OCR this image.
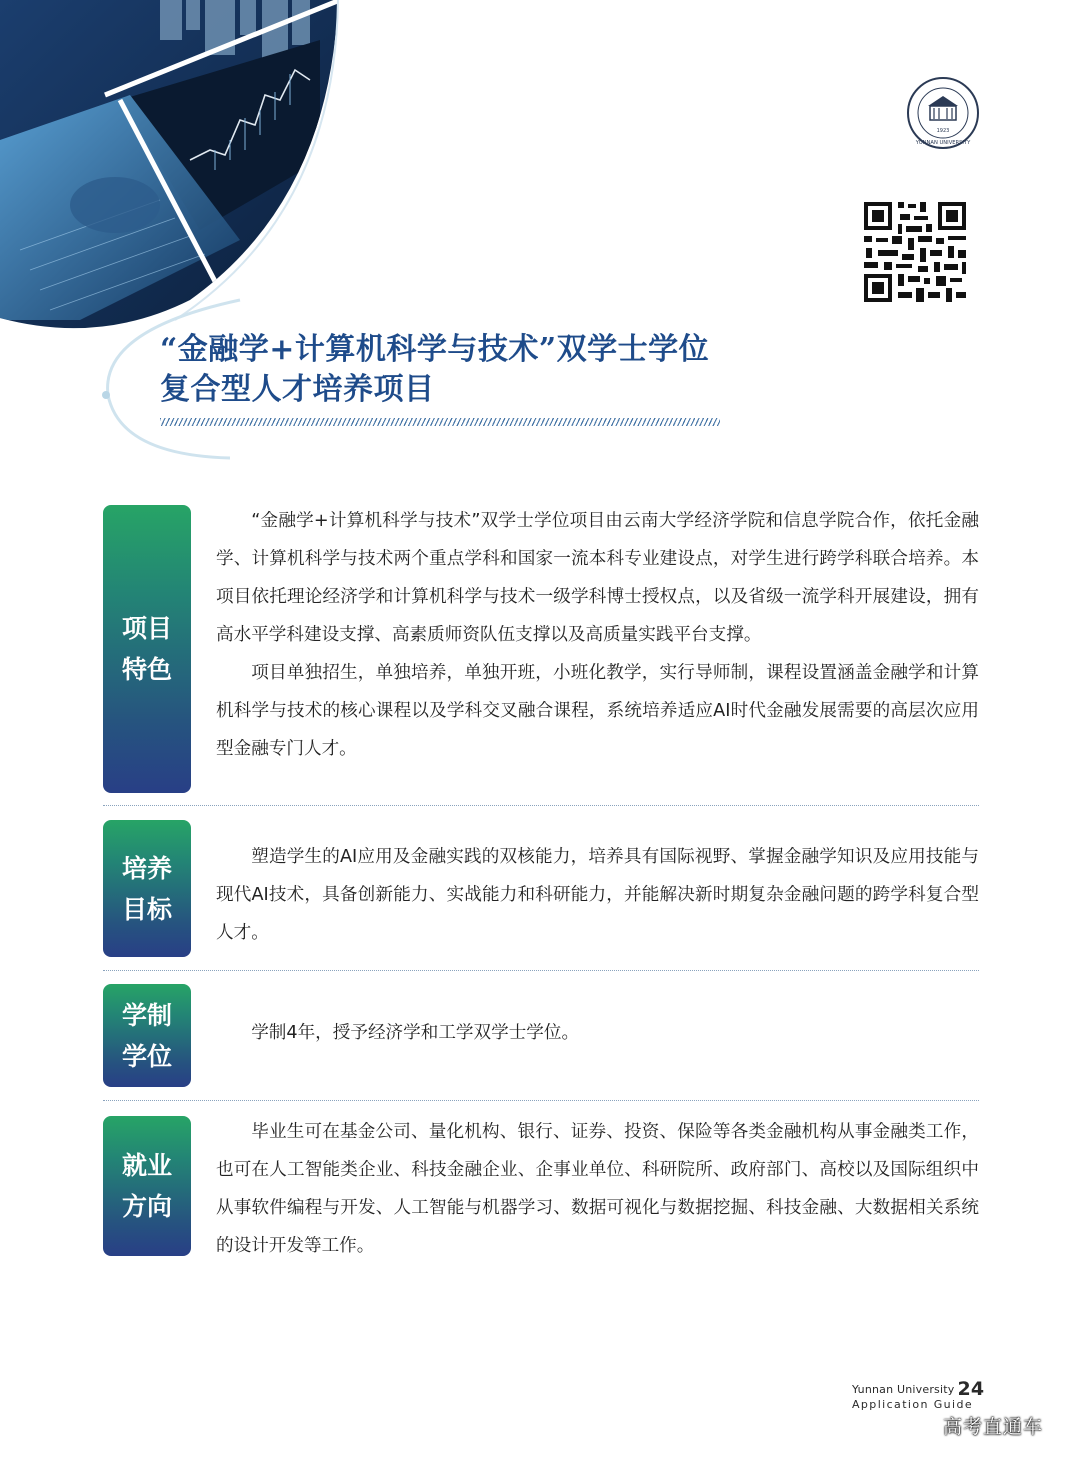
1923
YUNNAN UNIVERSITY
“金融学+计算机科学与技术”双学士学位
复合型人才培养项目
项目
特色

“金融学+计算机科学与技术”双学士学位项目由云南大学经济学院和信息学院合作，依托金融学、计算机科学与技术两个重点学科和国家一流本科专业建设点，对学生进行跨学科联合培养。本项目依托理论经济学和计算机科学与技术一级学科博士授权点，以及省级一流学科开展建设，拥有高水平学科建设支撑、高素质师资队伍支撑以及高质量实践平台支撑。

项目单独招生，单独培养，单独开班，小班化教学，实行导师制，课程设置涵盖金融学和计算机科学与技术的核心课程以及学科交叉融合课程，系统培养适应AI时代金融发展需要的高层次应用型金融专门人才。

培养
目标

塑造学生的AI应用及金融实践的双核能力，培养具有国际视野、掌握金融学知识及应用技能与现代AI技术，具备创新能力、实战能力和科研能力，并能解决新时期复杂金融问题的跨学科复合型人才。

学制
学位

学制4年，授予经济学和工学双学士学位。

就业
方向

毕业生可在基金公司、量化机构、银行、证券、投资、保险等各类金融机构从事金融类工作，也可在人工智能类企业、科技金融企业、企事业单位、科研院所、政府部门、高校以及国际组织中从事软件编程与开发、人工智能与机器学习、数据可视化与数据挖掘、科技金融、大数据相关系统的设计开发等工作。

Yunnan University 24
Application Guide
高考直通车
